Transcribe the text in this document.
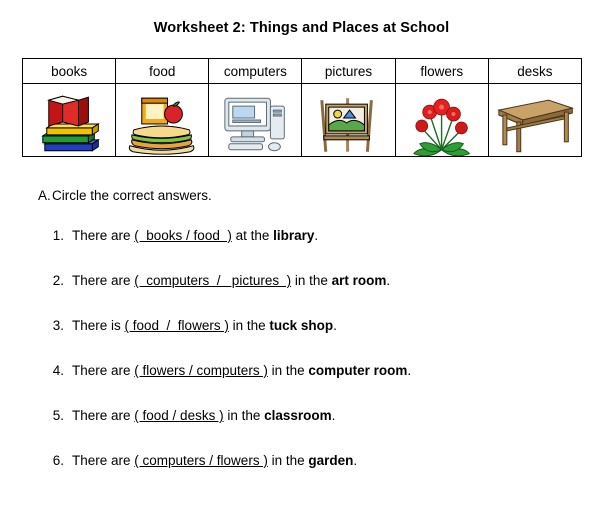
Worksheet 2: Things and Places at School
books	food	computers	pictures	flowers	desks

A.Circle the correct answers.
1. There are (  books / food  ) at the library.
2. There are (  computers  /   pictures  ) in the art room.
3. There is ( food  /  flowers ) in the tuck shop.
4. There are ( flowers / computers ) in the computer room.
5. There are ( food / desks ) in the classroom.
6. There are ( computers / flowers ) in the garden.
